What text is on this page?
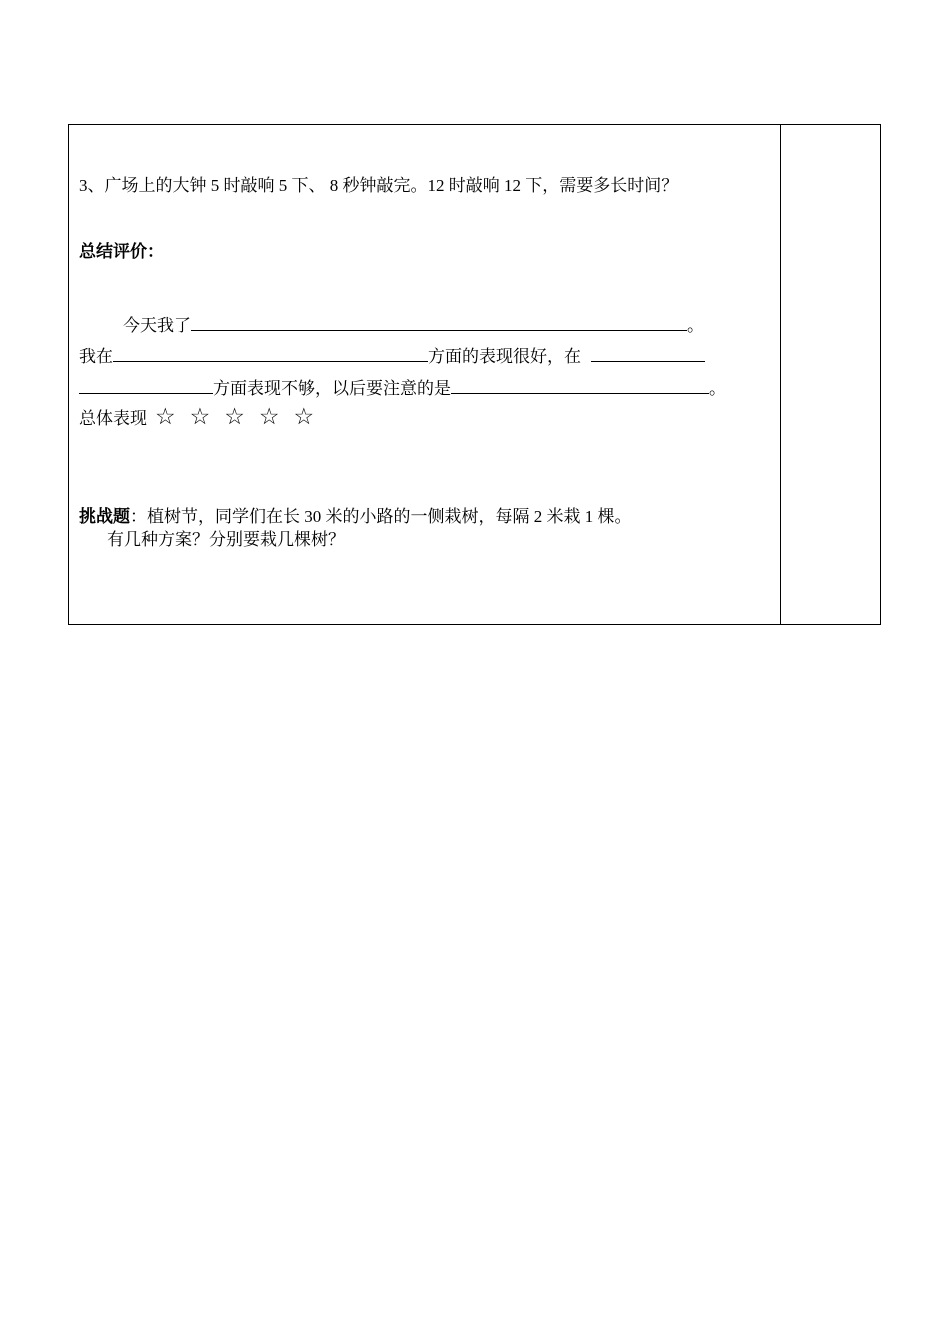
3、广场上的大钟 5 时敲响 5 下、 8 秒钟敲完。12 时敲响 12 下，需要多长时间？
总结评价：
今天我了	。
我在	方面的表现很好，在
方面表现不够，以后要注意的是	。
总体表现 ☆ ☆ ☆ ☆ ☆
挑战题：植树节，同学们在长 30 米的小路的一侧栽树，每隔 2 米栽 1 棵。
有几种方案？分别要栽几棵树？
